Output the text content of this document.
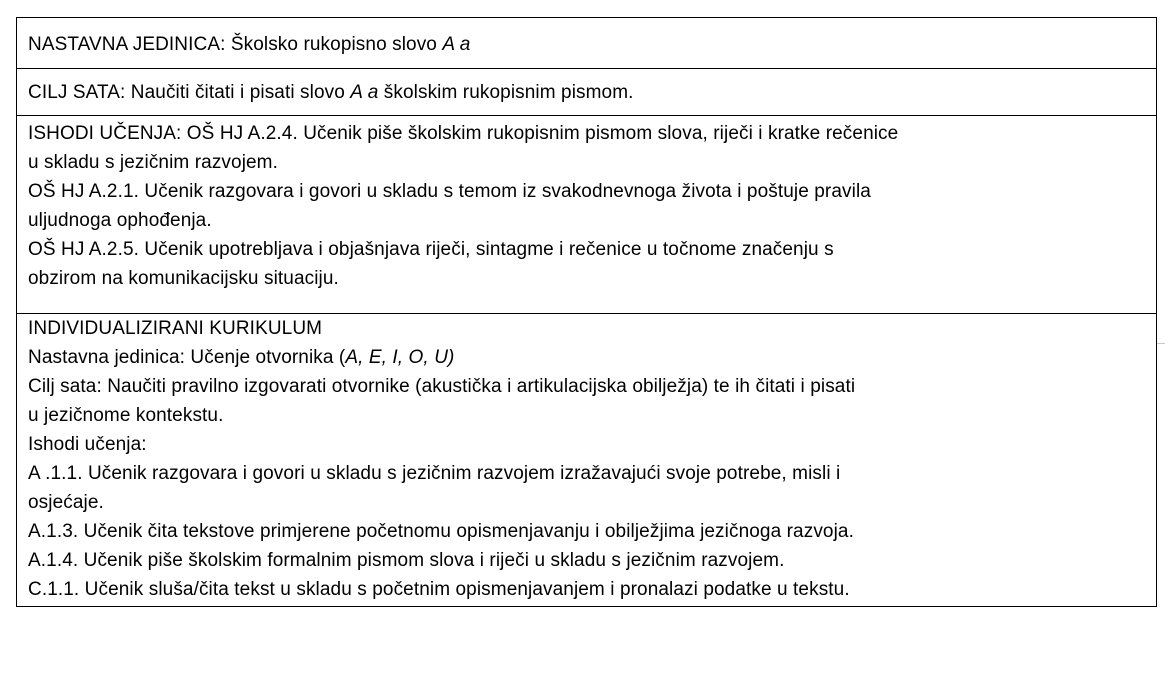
NASTAVNA JEDINICA: Školsko rukopisno slovo A a
CILJ SATA: Naučiti čitati i pisati slovo A a školskim rukopisnim pismom.
ISHODI UČENJA: OŠ HJ A.2.4. Učenik piše školskim rukopisnim pismom slova, riječi i kratke rečenice
u skladu s jezičnim razvojem.
OŠ HJ A.2.1. Učenik razgovara i govori u skladu s temom iz svakodnevnoga života i poštuje pravila
uljudnoga ophođenja.
OŠ HJ A.2.5. Učenik upotrebljava i objašnjava riječi, sintagme i rečenice u točnome značenju s
obzirom na komunikacijsku situaciju.
INDIVIDUALIZIRANI KURIKULUM
Nastavna jedinica: Učenje otvornika (A, E, I, O, U)
Cilj sata: Naučiti pravilno izgovarati otvornike (akustička i artikulacijska obilježja) te ih čitati i pisati
u jezičnome kontekstu.
Ishodi učenja:
A .1.1. Učenik razgovara i govori u skladu s jezičnim razvojem izražavajući svoje potrebe, misli i
osjećaje.
A.1.3. Učenik čita tekstove primjerene početnomu opismenjavanju i obilježjima jezičnoga razvoja.
A.1.4. Učenik piše školskim formalnim pismom slova i riječi u skladu s jezičnim razvojem.
C.1.1. Učenik sluša/čita tekst u skladu s početnim opismenjavanjem i pronalazi podatke u tekstu.
